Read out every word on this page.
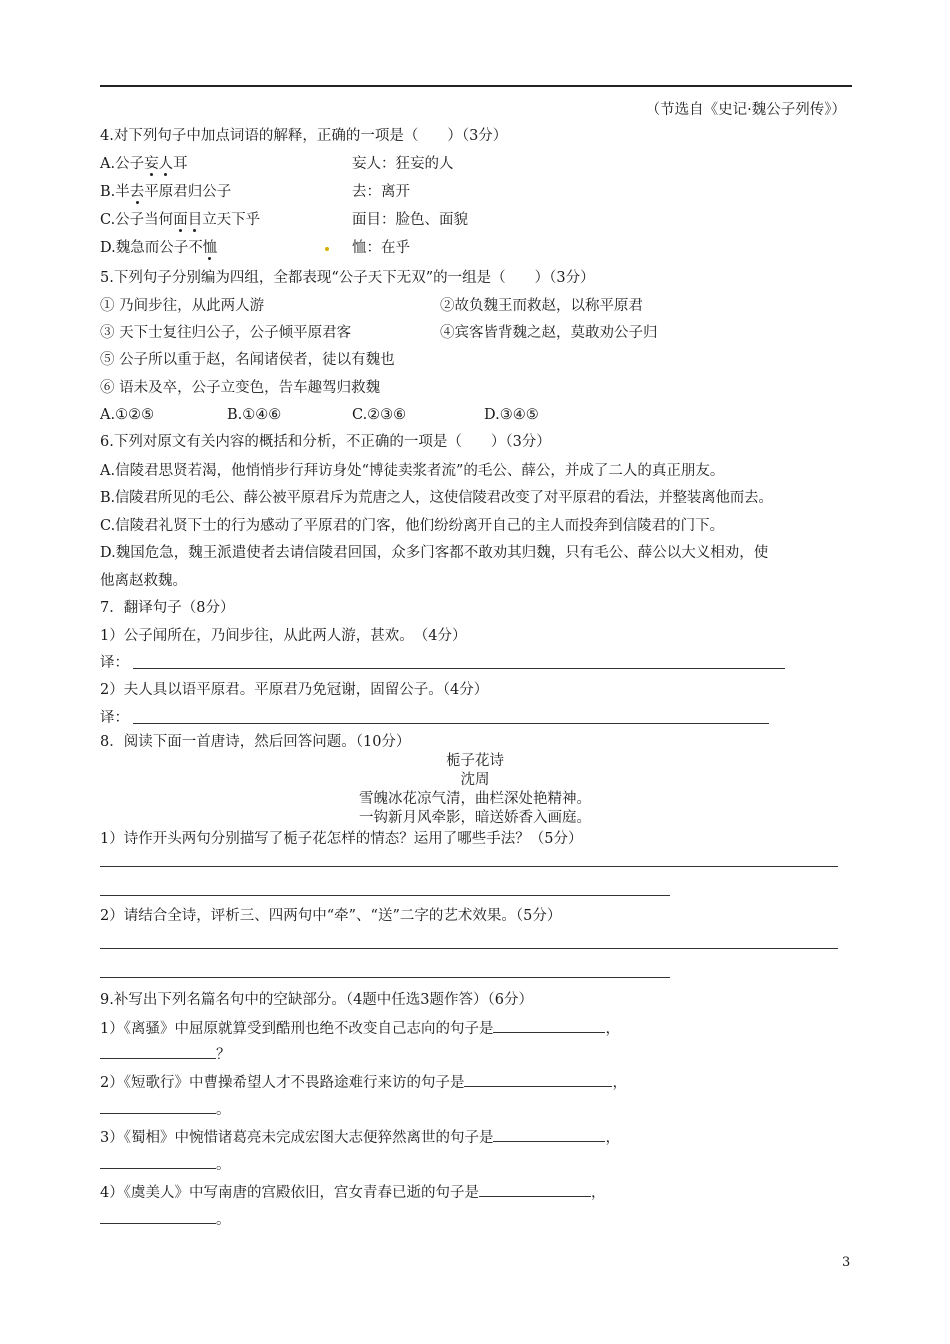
（节选自《史记·魏公子列传》）
4.对下列句子中加点词语的解释，正确的一项是（　　）（3分）
A.公子妄人耳	妄人：狂妄的人
B.半去平原君归公子	去：离开
C.公子当何面目立天下乎	面目：脸色、面貌
D.魏急而公子不恤	恤：在乎
5.下列句子分别编为四组，全都表现“公子天下无双”的一组是（　　）（3分）
① 乃间步往，从此两人游	②故负魏王而救赵，以称平原君
③ 天下士复往归公子，公子倾平原君客	④宾客皆背魏之赵，莫敢劝公子归
⑤ 公子所以重于赵，名闻诸侯者，徒以有魏也
⑥ 语未及卒，公子立变色，告车趣驾归救魏
A.①②⑤	B.①④⑥	C.②③⑥	D.③④⑤
6.下列对原文有关内容的概括和分析，不正确的一项是（　　）（3分）
A.信陵君思贤若渴，他悄悄步行拜访身处“博徒卖浆者流”的毛公、薛公，并成了二人的真正朋友。
B.信陵君所见的毛公、薛公被平原君斥为荒唐之人，这使信陵君改变了对平原君的看法，并整装离他而去。
C.信陵君礼贤下士的行为感动了平原君的门客，他们纷纷离开自己的主人而投奔到信陵君的门下。
D.魏国危急，魏王派遣使者去请信陵君回国，众多门客都不敢劝其归魏，只有毛公、薛公以大义相劝，使
他离赵救魏。
7．翻译句子（8分）
1）公子闻所在，乃间步往，从此两人游，甚欢。　（4分）
译：
2）夫人具以语平原君。平原君乃免冠谢，固留公子。（4分）
译：
8．阅读下面一首唐诗，然后回答问题。（10分）
栀子花诗
沈周
雪魄冰花凉气清，曲栏深处艳精神。
一钩新月风牵影，暗送娇香入画庭。
1）诗作开头两句分别描写了栀子花怎样的情态？运用了哪些手法？（5分）
2）请结合全诗，评析三、四两句中“牵”、“送”二字的艺术效果。（5分）
9.补写出下列名篇名句中的空缺部分。（4题中任选3题作答）（6分）
1）《离骚》中屈原就算受到酷刑也绝不改变自己志向的句子是	，
？
2）《短歌行》中曹操希望人才不畏路途难行来访的句子是	，
。
3）《蜀相》中惋惜诸葛亮未完成宏图大志便猝然离世的句子是	，
。
4）《虞美人》中写南唐的宫殿依旧，宫女青春已逝的句子是	，
。
3
